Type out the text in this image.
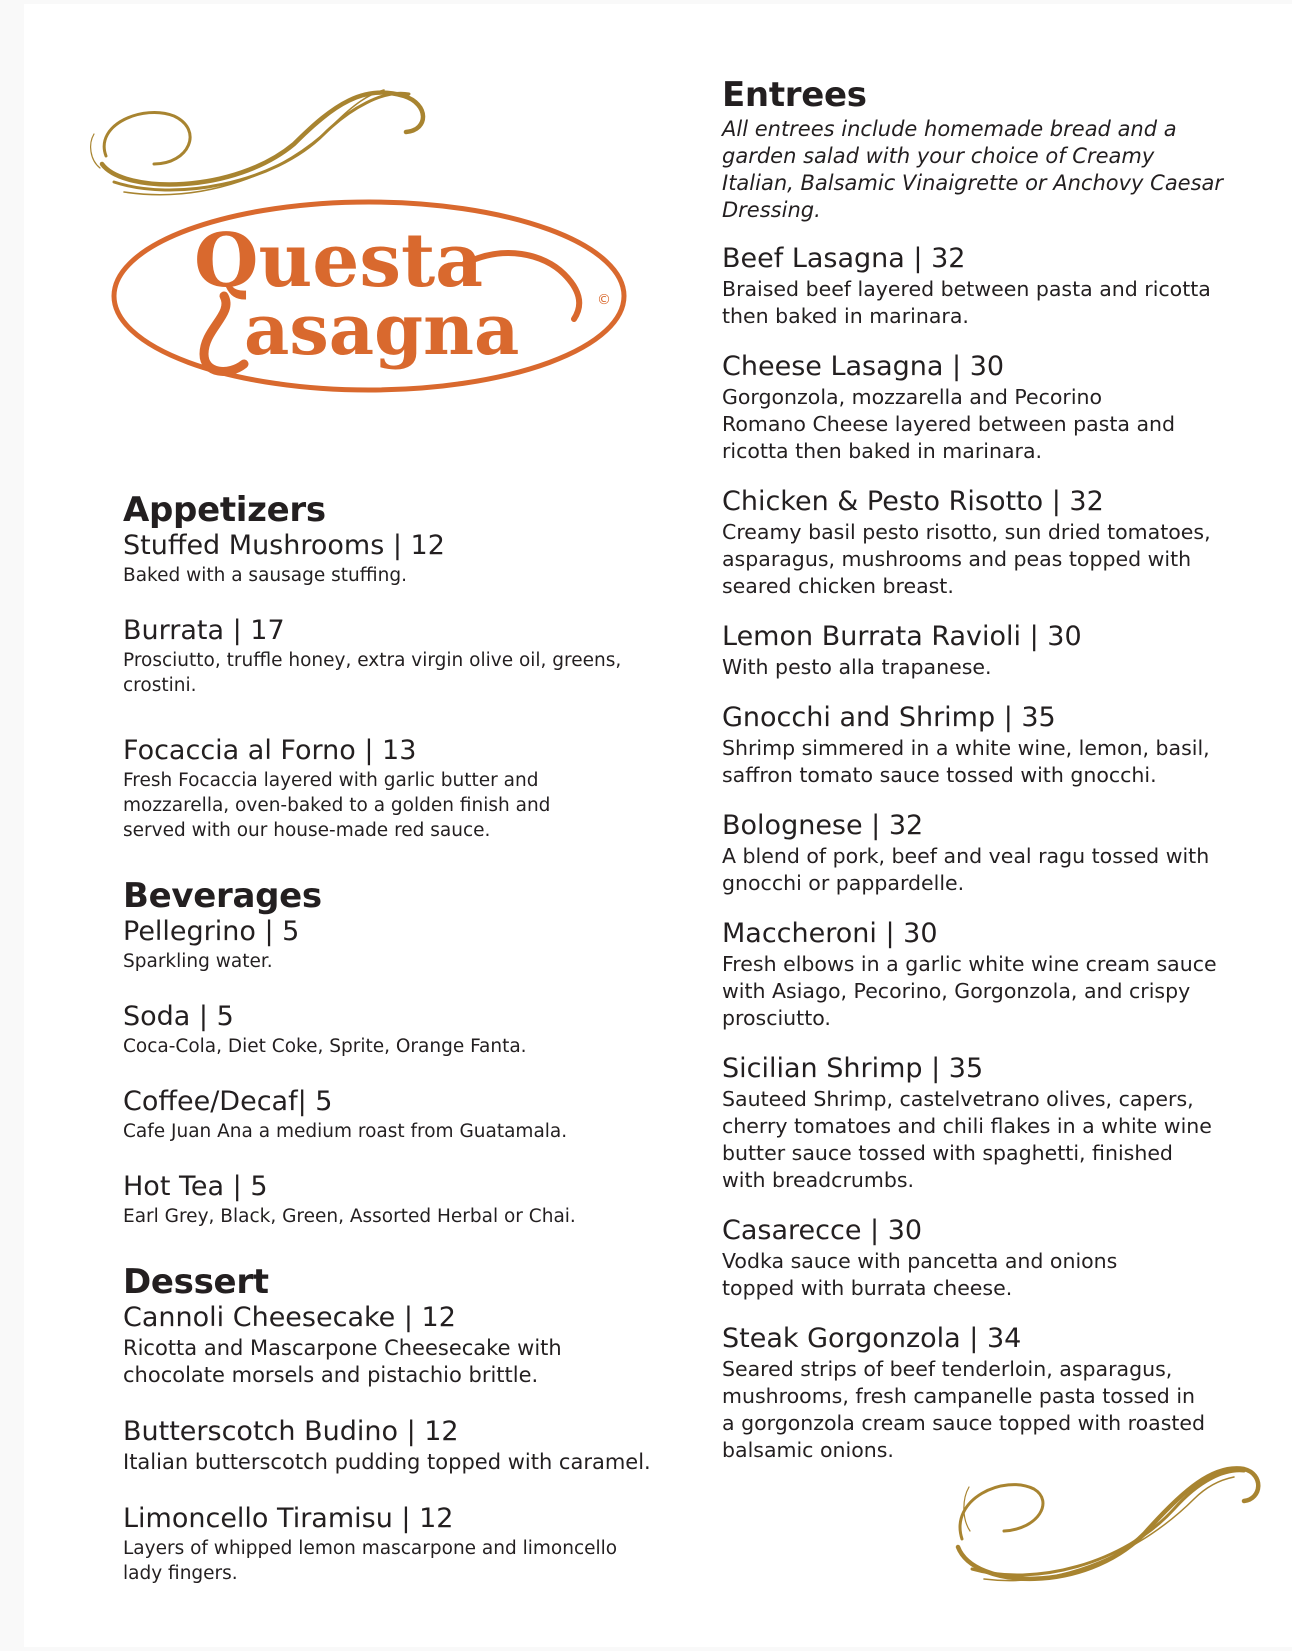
Questa
asagna	©
Appetizers

Stuffed Mushrooms | 12

Baked with a sausage stuffing.

Burrata | 17

Prosciutto, truffle honey, extra virgin olive oil, greens, crostini.

Focaccia al Forno | 13

Fresh Focaccia layered with garlic butter and mozzarella, oven-baked to a golden finish and served with our house-made red sauce.

Beverages

Pellegrino | 5

Sparkling water.

Soda | 5

Coca-Cola, Diet Coke, Sprite, Orange Fanta.

Coffee/Decaf| 5

Cafe Juan Ana a medium roast from Guatamala.

Hot Tea | 5

Earl Grey, Black, Green, Assorted Herbal or Chai.

Dessert

Cannoli Cheesecake | 12

Ricotta and Mascarpone Cheesecake with chocolate morsels and pistachio brittle.

Butterscotch Budino | 12

Italian butterscotch pudding topped with caramel.

Limoncello Tiramisu | 12

Layers of whipped lemon mascarpone and limoncello lady fingers.

Entrees

All entrees include homemade bread and a garden salad with your choice of Creamy Italian, Balsamic Vinaigrette or Anchovy Caesar Dressing.

Beef Lasagna | 32

Braised beef layered between pasta and ricotta then baked in marinara.

Cheese Lasagna | 30

Gorgonzola, mozzarella and Pecorino Romano Cheese layered between pasta and ricotta then baked in marinara.

Chicken & Pesto Risotto | 32

Creamy basil pesto risotto, sun dried tomatoes, asparagus, mushrooms and peas topped with seared chicken breast.

Lemon Burrata Ravioli | 30

With pesto alla trapanese.

Gnocchi and Shrimp | 35

Shrimp simmered in a white wine, lemon, basil, saffron tomato sauce tossed with gnocchi.

Bolognese | 32

A blend of pork, beef and veal ragu tossed with gnocchi or pappardelle.

Maccheroni | 30

Fresh elbows in a garlic white wine cream sauce with Asiago, Pecorino, Gorgonzola, and crispy prosciutto.

Sicilian Shrimp | 35

Sauteed Shrimp, castelvetrano olives, capers, cherry tomatoes and chili flakes in a white wine butter sauce tossed with spaghetti, finished with breadcrumbs.

Casarecce | 30

Vodka sauce with pancetta and onions topped with burrata cheese.

Steak Gorgonzola | 34

Seared strips of beef tenderloin, asparagus, mushrooms, fresh campanelle pasta tossed in a gorgonzola cream sauce topped with roasted balsamic onions.
